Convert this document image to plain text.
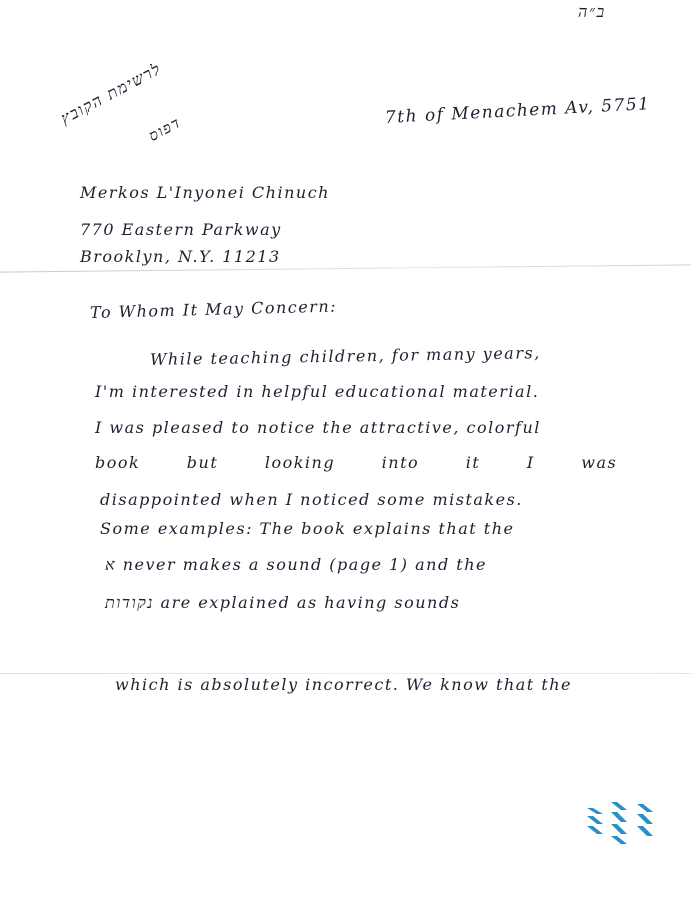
ב״ה
לרשימת הקובץ
דפוס
7th of Menachem Av, 5751
Merkos L'Inyonei Chinuch
770 Eastern Parkway
Brooklyn, N.Y. 11213
To Whom It May Concern:
While teaching children, for many years,
I'm interested in helpful educational material.
I was pleased to notice the attractive, colorful
book but looking into it I was
disappointed when I noticed some mistakes.
Some examples: The book explains that the
א never makes a sound (page 1) and the
נקודות are explained as having sounds
which is absolutely incorrect. We know that the
